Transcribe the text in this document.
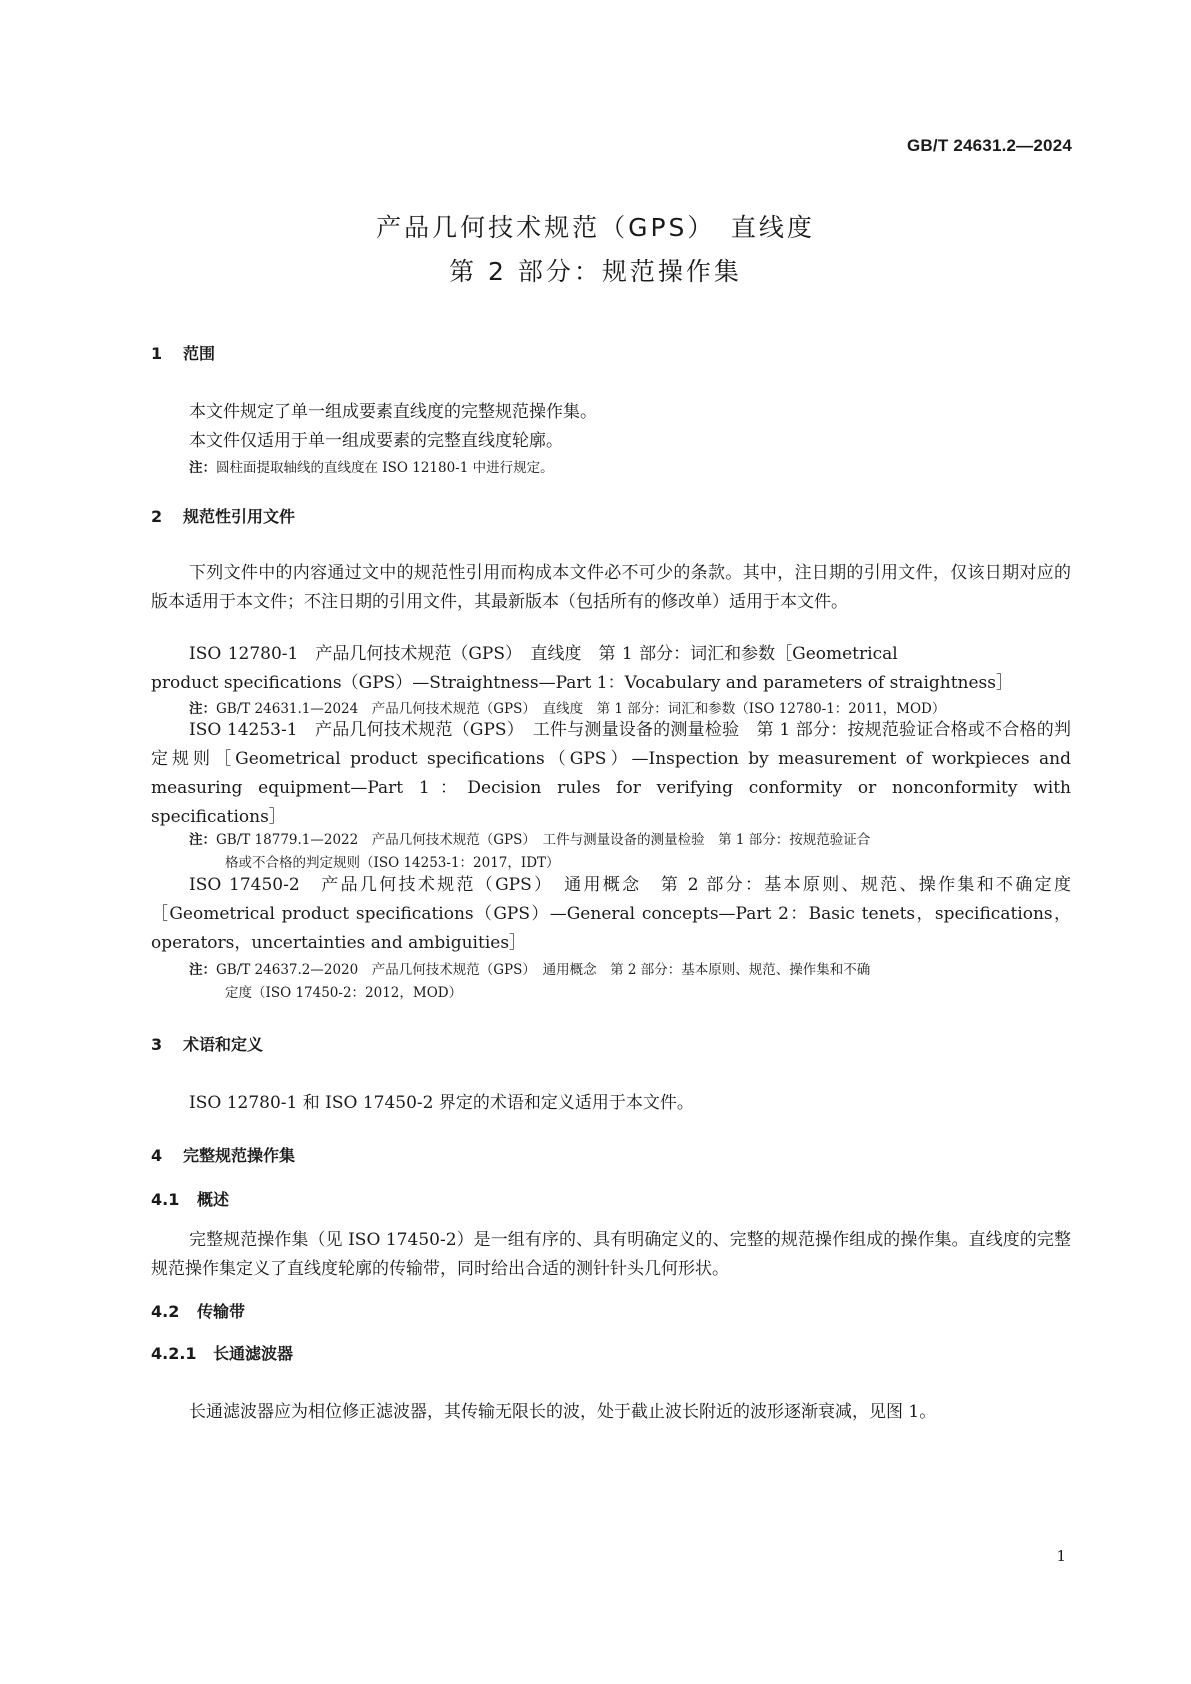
GB/T 24631.2—2024
产品几何技术规范（GPS）　直线度
第 2 部分：规范操作集
1 范围
本文件规定了单一组成要素直线度的完整规范操作集。
本文件仅适用于单一组成要素的完整直线度轮廓。
注：圆柱面提取轴线的直线度在 ISO 12180-1 中进行规定。
2 规范性引用文件
下列文件中的内容通过文中的规范性引用而构成本文件必不可少的条款。其中，注日期的引用文件，仅该日期对应的版本适用于本文件；不注日期的引用文件，其最新版本（包括所有的修改单）适用于本文件。
ISO 12780-1　产品几何技术规范（GPS）　直线度　第 1 部分：词汇和参数［Geometrical
product specifications（GPS）—Straightness—Part 1：Vocabulary and parameters of straightness］
注：GB/T 24631.1—2024　产品几何技术规范（GPS）　直线度　第 1 部分：词汇和参数（ISO 12780-1：2011，MOD）
ISO 14253-1　产品几何技术规范（GPS）　工件与测量设备的测量检验　第 1 部分：按规范验证合格或不合格的判定规则［Geometrical product specifications（GPS）—Inspection by measurement of workpieces and measuring equipment—Part 1：Decision rules for verifying conformity or nonconformity with specifications］
注：GB/T 18779.1—2022　产品几何技术规范（GPS）　工件与测量设备的测量检验　第 1 部分：按规范验证合
格或不合格的判定规则（ISO 14253-1：2017，IDT）
ISO 17450-2　产品几何技术规范（GPS）　通用概念　第 2 部分：基本原则、规范、操作集和不确定度［Geometrical product specifications（GPS）—General concepts—Part 2：Basic tenets，specifications，operators，uncertainties and ambiguities］
注：GB/T 24637.2—2020　产品几何技术规范（GPS）　通用概念　第 2 部分：基本原则、规范、操作集和不确
定度（ISO 17450-2：2012，MOD）
3 术语和定义
ISO 12780-1 和 ISO 17450-2 界定的术语和定义适用于本文件。
4 完整规范操作集
4.1 概述
完整规范操作集（见 ISO 17450-2）是一组有序的、具有明确定义的、完整的规范操作组成的操作集。直线度的完整规范操作集定义了直线度轮廓的传输带，同时给出合适的测针针头几何形状。
4.2 传输带
4.2.1 长通滤波器
长通滤波器应为相位修正滤波器，其传输无限长的波，处于截止波长附近的波形逐渐衰减，见图 1。
1
